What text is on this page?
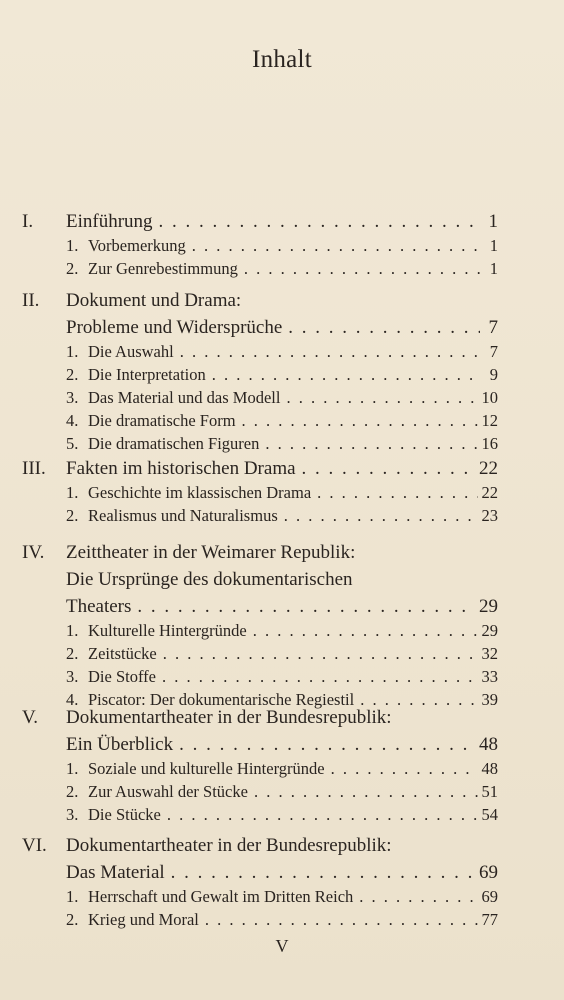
Inhalt
I. Einführung . . .	1
1. Vorbemerkung . . .	1
2. Zur Genrebestimmung . . .	1
II. Dokument und Drama:
Probleme und Widersprüche . . .	7
1. Die Auswahl . . .	7
2. Die Interpretation . . .	9
3. Das Material und das Modell . . .	10
4. Die dramatische Form . . .	12
5. Die dramatischen Figuren . . .	16
III. Fakten im historischen Drama . . .	22
1. Geschichte im klassischen Drama . . .	22
2. Realismus und Naturalismus . . .	23
IV. Zeittheater in der Weimarer Republik:
Die Ursprünge des dokumentarischen
Theaters . . .	29
1. Kulturelle Hintergründe . . .	29
2. Zeitstücke . . .	32
3. Die Stoffe . . .	33
4. Piscator: Der dokumentarische Regiestil . . .	39
V. Dokumentartheater in der Bundesrepublik:
Ein Überblick . . .	48
1. Soziale und kulturelle Hintergründe . . .	48
2. Zur Auswahl der Stücke . . .	51
3. Die Stücke . . .	54
VI. Dokumentartheater in der Bundesrepublik:
Das Material . . .	69
1. Herrschaft und Gewalt im Dritten Reich . . .	69
2. Krieg und Moral . . .	77
V
